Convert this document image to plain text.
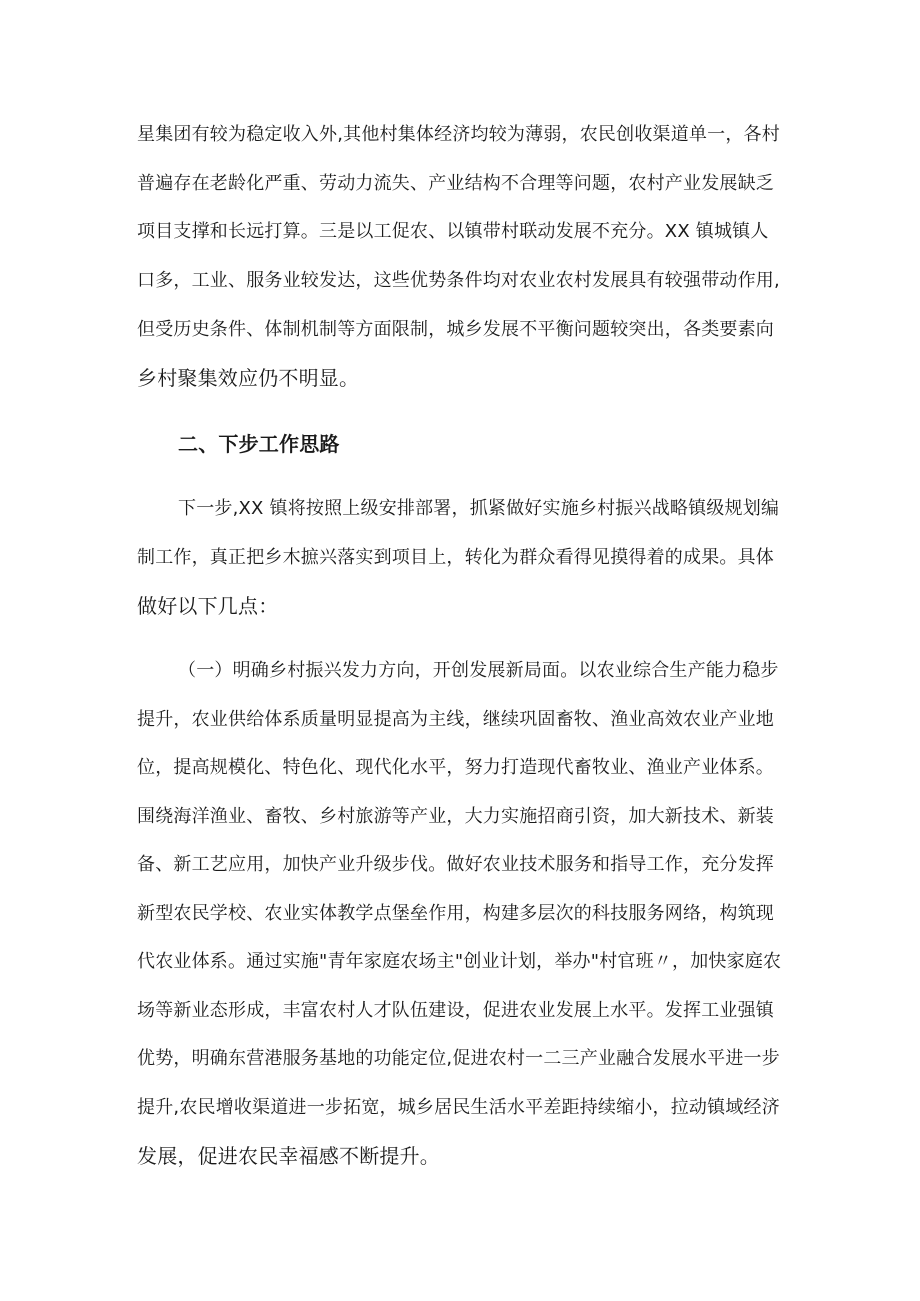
星集团有较为稳定收入外,其他村集体经济均较为薄弱，农民创收渠道单一，各村
普遍存在老龄化严重、劳动力流失、产业结构不合理等问题，农村产业发展缺乏
项目支撑和长远打算。三是以工促农、以镇带村联动发展不充分。XX 镇城镇人
口多，工业、服务业较发达，这些优势条件均对农业农村发展具有较强带动作用,
但受历史条件、体制机制等方面限制，城乡发展不平衡问题较突出，各类要素向
乡村聚集效应仍不明显。
二、下步工作思路
下一步,XX 镇将按照上级安排部署，抓紧做好实施乡村振兴战略镇级规划编
制工作，真正把乡木摭兴落实到项目上，转化为群众看得见摸得着的成果。具体
做好以下几点：
（一）明确乡村振兴发力方向，开创发展新局面。以农业综合生产能力稳步
提升，农业供给体系质量明显提高为主线，继续巩固畜牧、渔业高效农业产业地
位，提高规模化、特色化、现代化水平，努力打造现代畜牧业、渔业产业体系。
围绕海洋渔业、畜牧、乡村旅游等产业，大力实施招商引资，加大新技术、新装
备、新工艺应用，加快产业升级步伐。做好农业技术服务和指导工作，充分发挥
新型农民学校、农业实体教学点堡垒作用，构建多层次的科技服务网络，构筑现
代农业体系。通过实施"青年家庭农场主"创业计划，举办"村官班〃，加快家庭农
场等新业态形成，丰富农村人才队伍建设，促进农业发展上水平。发挥工业强镇
优势，明确东营港服务基地的功能定位,促进农村一二三产业融合发展水平进一步
提升,农民增收渠道进一步拓宽，城乡居民生活水平差距持续缩小，拉动镇域经济
发展，促进农民幸福感不断提升。
